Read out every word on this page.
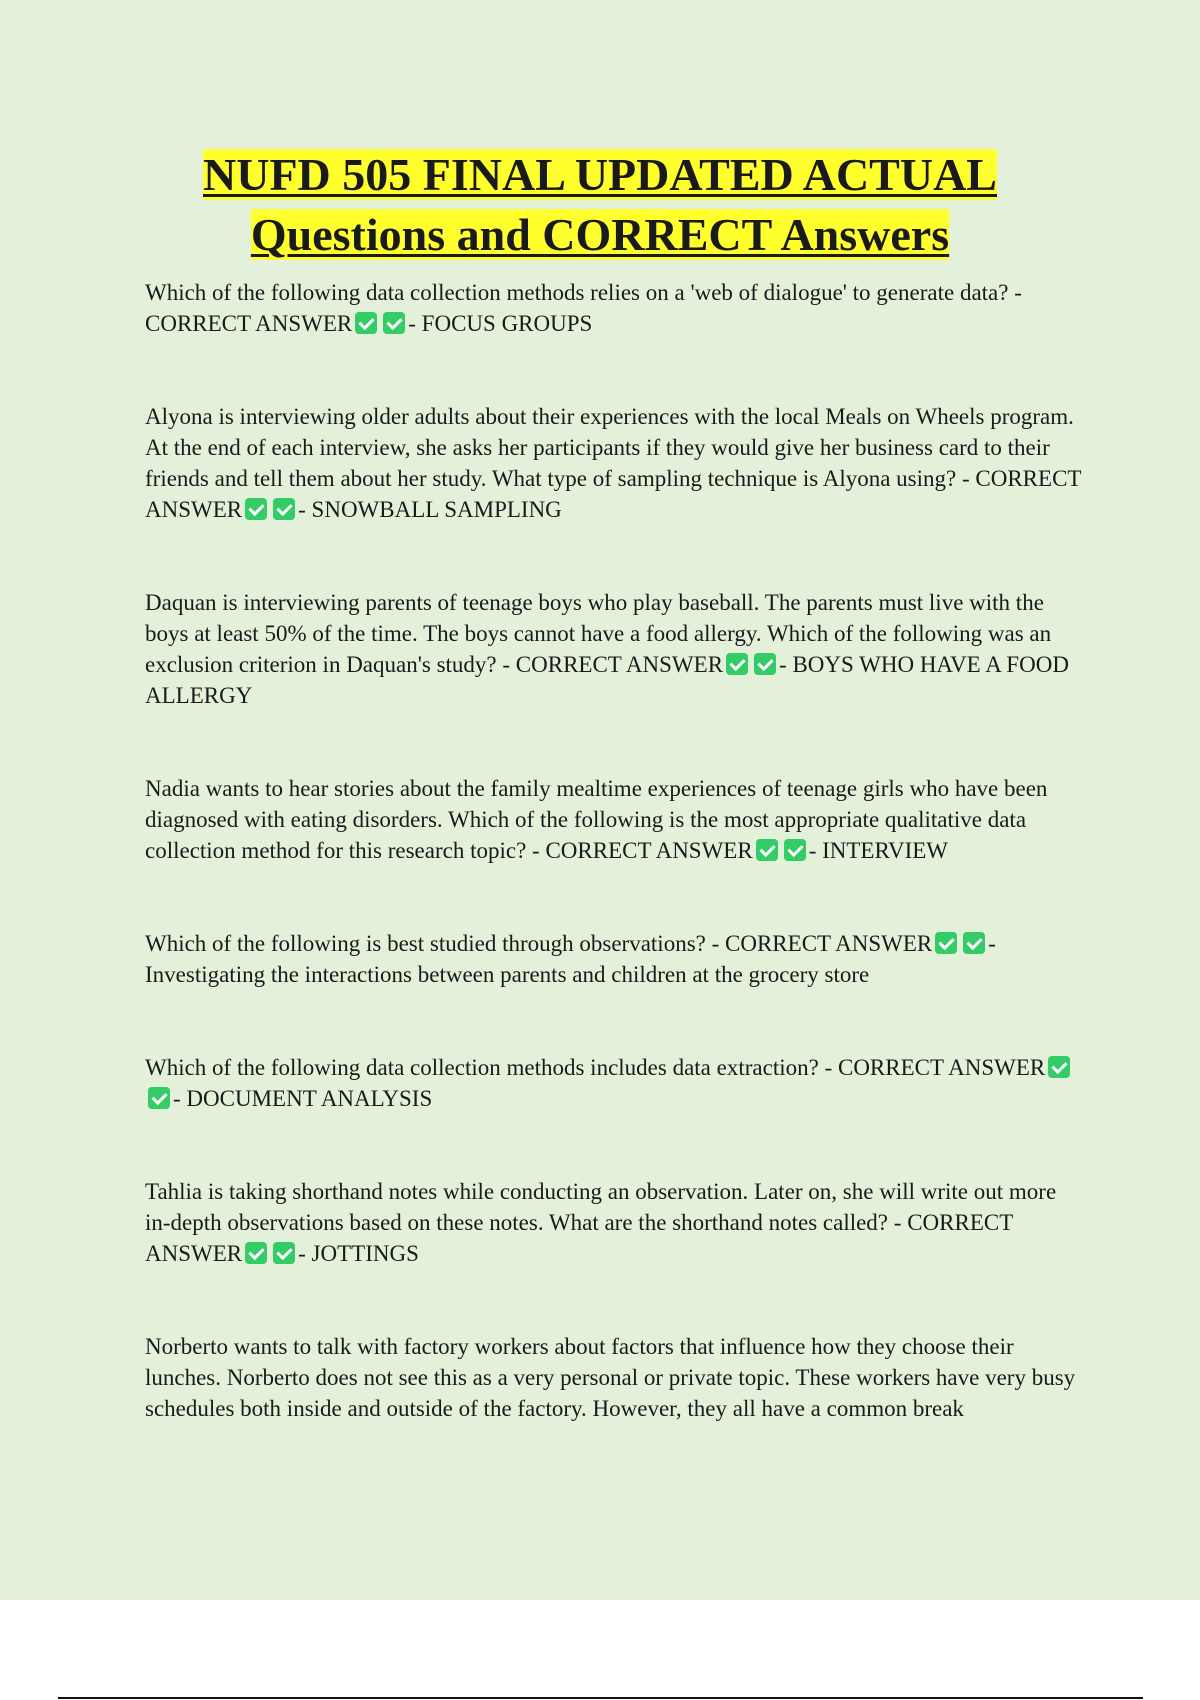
NUFD 505 FINAL UPDATED ACTUAL
Questions and CORRECT Answers

Which of the following data collection methods relies on a 'web of dialogue' to generate data? - CORRECT ANSWER - FOCUS GROUPS

Alyona is interviewing older adults about their experiences with the local Meals on Wheels program. At the end of each interview, she asks her participants if they would give her business card to their friends and tell them about her study. What type of sampling technique is Alyona using? - CORRECT ANSWER - SNOWBALL SAMPLING

Daquan is interviewing parents of teenage boys who play baseball. The parents must live with the boys at least 50% of the time. The boys cannot have a food allergy. Which of the following was an exclusion criterion in Daquan's study? - CORRECT ANSWER - BOYS WHO HAVE A FOOD ALLERGY

Nadia wants to hear stories about the family mealtime experiences of teenage girls who have been diagnosed with eating disorders. Which of the following is the most appropriate qualitative data collection method for this research topic? - CORRECT ANSWER - INTERVIEW

Which of the following is best studied through observations? - CORRECT ANSWER - Investigating the interactions between parents and children at the grocery store

Which of the following data collection methods includes data extraction? - CORRECT ANSWER- DOCUMENT ANALYSIS

Tahlia is taking shorthand notes while conducting an observation. Later on, she will write out more in-depth observations based on these notes. What are the shorthand notes called? - CORRECT ANSWER - JOTTINGS

Norberto wants to talk with factory workers about factors that influence how they choose their lunches. Norberto does not see this as a very personal or private topic. These workers have very busy schedules both inside and outside of the factory. However, they all have a common break
